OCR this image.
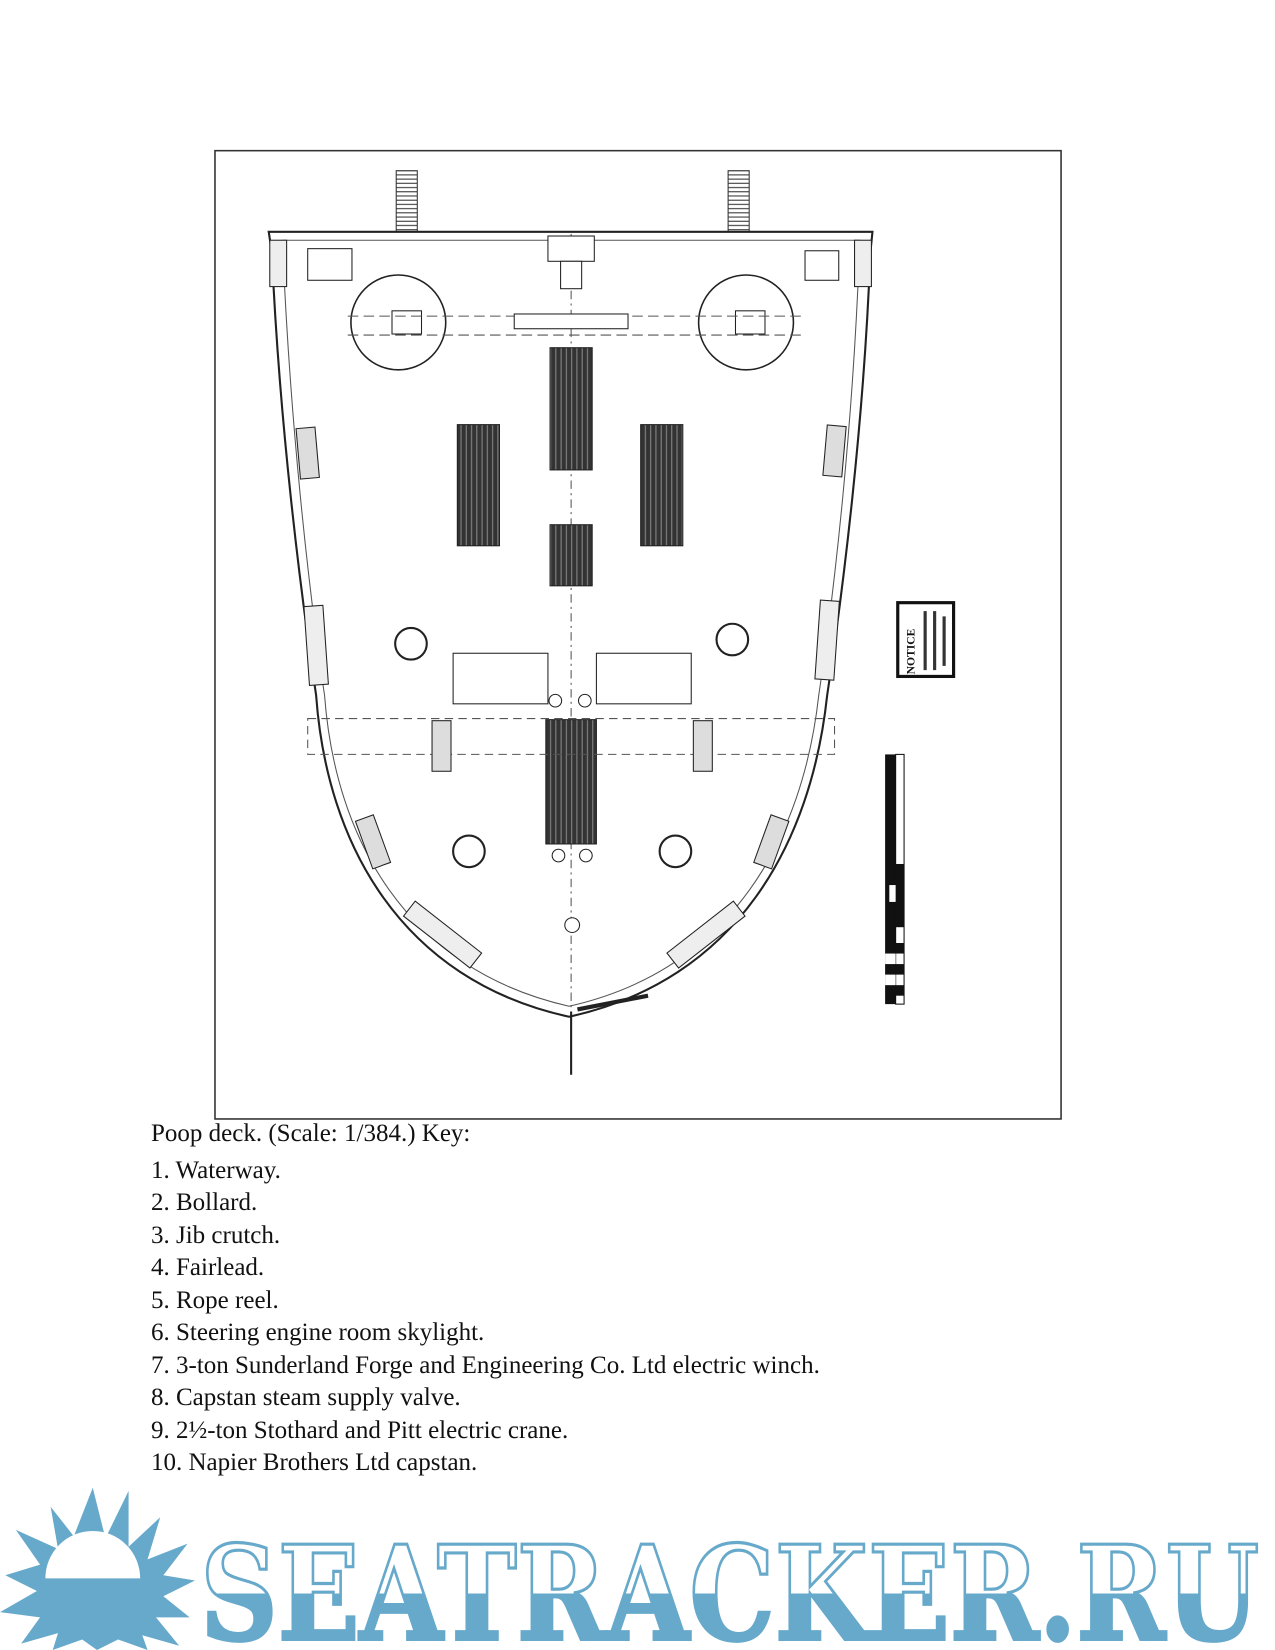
NOTICE
SEATRACKER.RU
Poop deck. (Scale: 1/384.) Key:
1. Waterway.
2. Bollard.
3. Jib crutch.
4. Fairlead.
5. Rope reel.
6. Steering engine room skylight.
7. 3-ton Sunderland Forge and Engineering Co. Ltd electric winch.
8. Capstan steam supply valve.
9. 2½-ton Stothard and Pitt electric crane.
10. Napier Brothers Ltd capstan.
